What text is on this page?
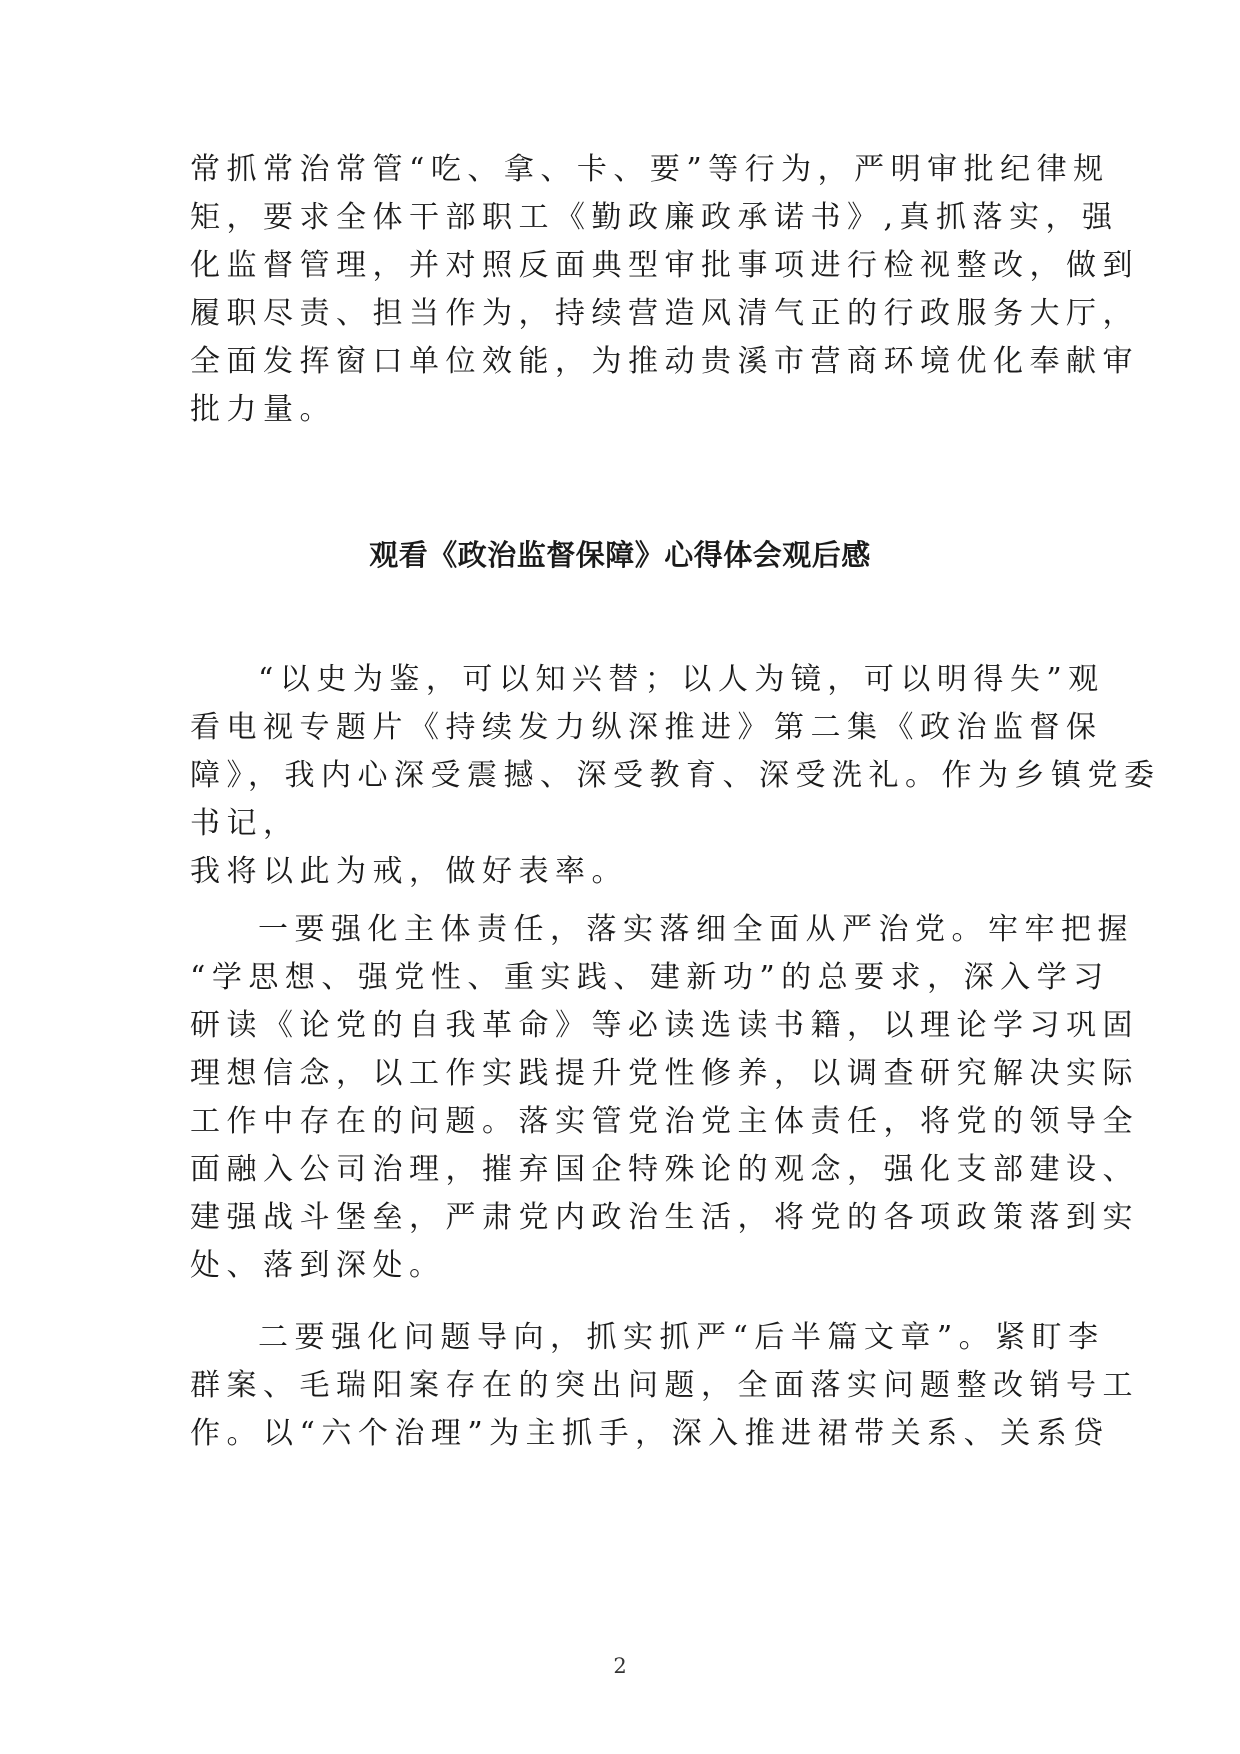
常抓常治常管“吃、拿、卡、要”等行为，严明审批纪律规
矩，要求全体干部职工《勤政廉政承诺书》,真抓落实，强
化监督管理，并对照反面典型审批事项进行检视整改，做到
履职尽责、担当作为，持续营造风清气正的行政服务大厅，
全面发挥窗口单位效能，为推动贵溪市营商环境优化奉献审
批力量。
观看《政治监督保障》心得体会观后感
“以史为鉴，可以知兴替；以人为镜，可以明得失”观
看电视专题片《持续发力纵深推进》第二集《政治监督保
障》，我内心深受震撼、深受教育、深受洗礼。作为乡镇党委
书记，
我将以此为戒，做好表率。
一要强化主体责任，落实落细全面从严治党。牢牢把握
“学思想、强党性、重实践、建新功”的总要求，深入学习
研读《论党的自我革命》等必读选读书籍，以理论学习巩固
理想信念，以工作实践提升党性修养，以调查研究解决实际
工作中存在的问题。落实管党治党主体责任，将党的领导全
面融入公司治理，摧弃国企特殊论的观念，强化支部建设、
建强战斗堡垒，严肃党内政治生活，将党的各项政策落到实
处、落到深处。
二要强化问题导向，抓实抓严“后半篇文章”。紧盯李
群案、毛瑞阳案存在的突出问题，全面落实问题整改销号工
作。以“六个治理”为主抓手，深入推进裙带关系、关系贷
2
